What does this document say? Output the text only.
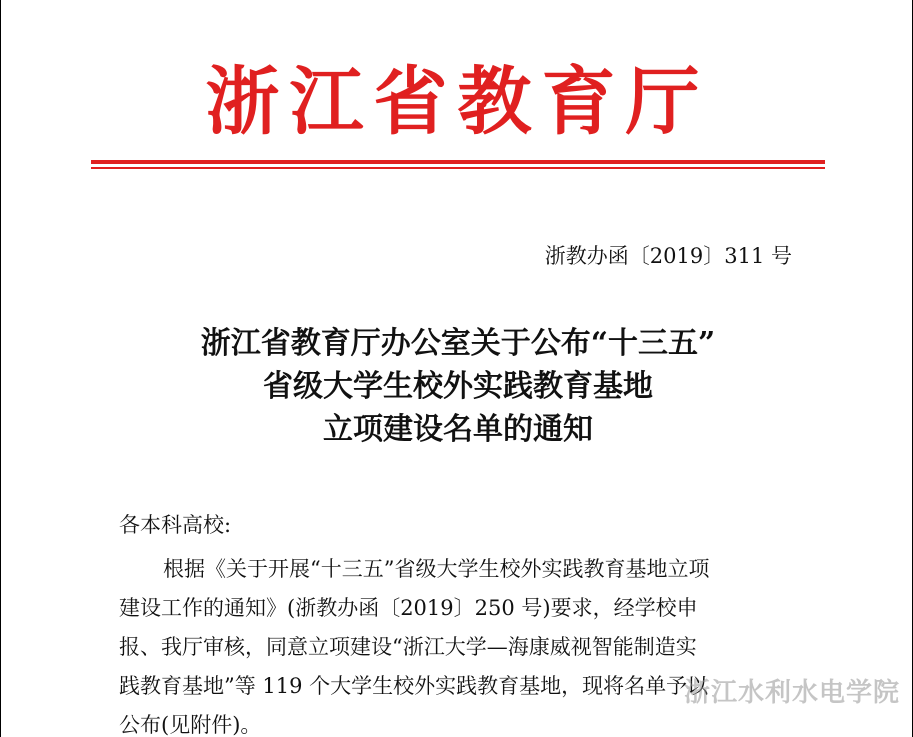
浙江省教育厅
浙教办函〔2019〕311 号
浙江省教育厅办公室关于公布“十三五”
省级大学生校外实践教育基地
立项建设名单的通知
各本科高校:
根据《关于开展“十三五”省级大学生校外实践教育基地立项
建设工作的通知》(浙教办函〔2019〕250 号)要求，经学校申
报、我厅审核，同意立项建设“浙江大学—海康威视智能制造实
践教育基地”等 119 个大学生校外实践教育基地，现将名单予以
公布(见附件)。
浙江水利水电学院
